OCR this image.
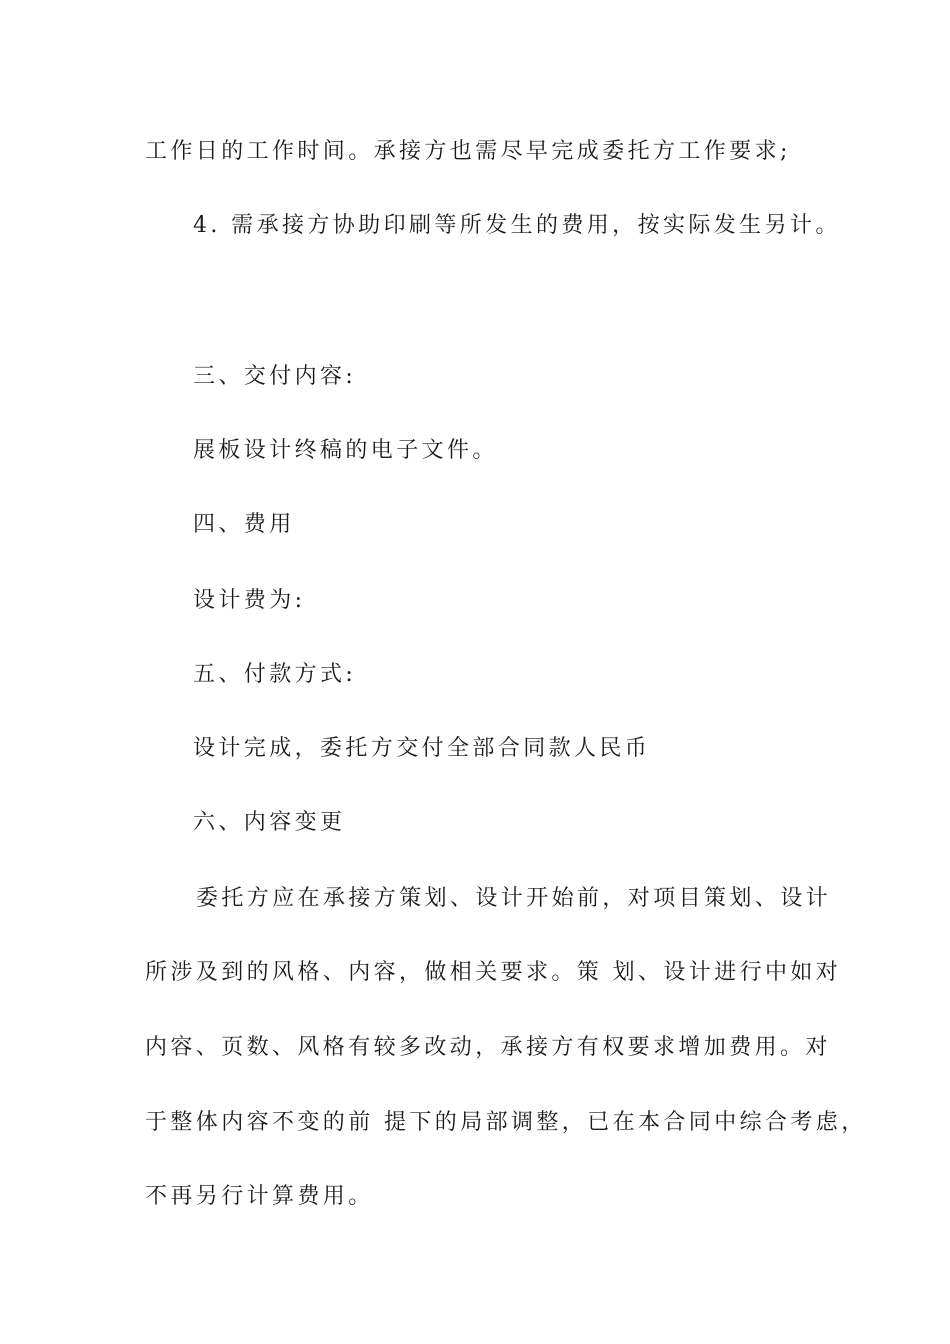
工作日的工作时间。承接方也需尽早完成委托方工作要求;

4. 需承接方协助印刷等所发生的费用，按实际发生另计。

三、交付内容:

展板设计终稿的电子文件。

四、费用

设计费为:

五、付款方式:

设计完成，委托方交付全部合同款人民币

六、内容变更

委托方应在承接方策划、设计开始前，对项目策划、设计

所涉及到的风格、内容，做相关要求。策 划、设计进行中如对

内容、页数、风格有较多改动，承接方有权要求增加费用。对

于整体内容不变的前 提下的局部调整，已在本合同中综合考虑，

不再另行计算费用。
